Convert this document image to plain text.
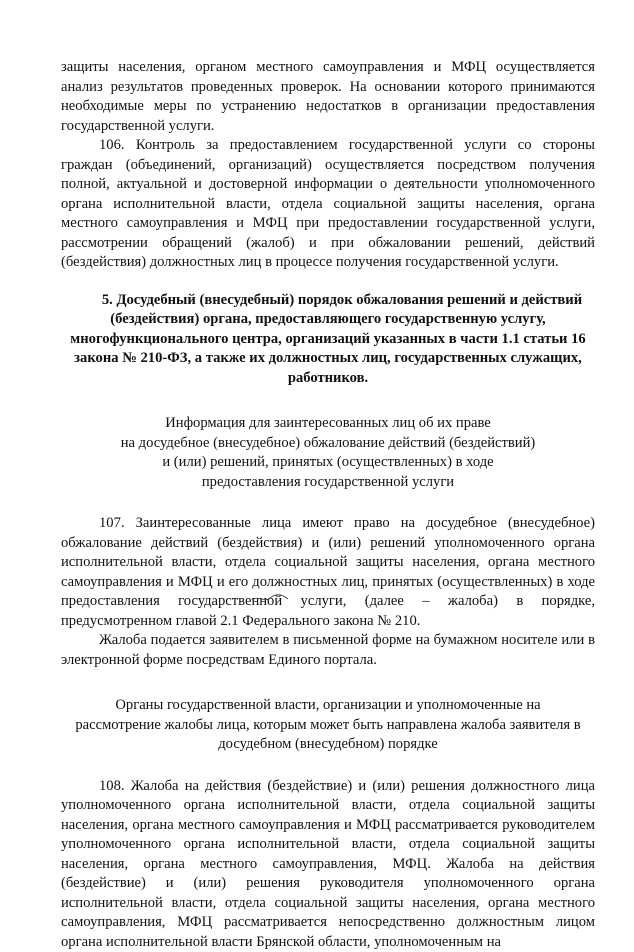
защиты населения, органом местного самоуправления и МФЦ осуществляется анализ результатов проведенных проверок. На основании которого принимаются необходимые меры по устранению недостатков в организации предоставления государственной услуги.

106. Контроль за предоставлением государственной услуги со стороны граждан (объединений, организаций) осуществляется посредством получения полной, актуальной и достоверной информации о деятельности уполномоченного органа исполнительной власти, отдела социальной защиты населения, органа местного самоуправления и МФЦ при предоставлении государственной услуги, рассмотрении обращений (жалоб) и при обжаловании решений, действий (бездействия) должностных лиц в процессе получения государственной услуги.

5. Досудебный (внесудебный) порядок обжалования решений и действий (бездействия) органа, предоставляющего государственную услугу, многофункционального центра, организаций указанных в части 1.1 статьи 16 закона № 210-ФЗ, а также их должностных лиц, государственных служащих, работников.

Информация для заинтересованных лиц об их праве
на досудебное (внесудебное) обжалование действий (бездействий)
и (или) решений, принятых (осуществленных) в ходе
предоставления государственной услуги

107. Заинтересованные лица имеют право на досудебное (внесудебное) обжалование действий (бездействия) и (или) решений уполномоченного органа исполнительной власти, отдела социальной защиты населения, органа местного самоуправления и МФЦ и его должностных лиц, принятых (осуществленных) в ходе предоставления государственной услуги, (далее – жалоба) в порядке, предусмотренном главой 2.1 Федерального закона № 210.

Жалоба подается заявителем в письменной форме на бумажном носителе или в электронной форме посредствам Единого портала.

Органы государственной власти, организации и уполномоченные на
рассмотрение жалобы лица, которым может быть направлена жалоба заявителя в
досудебном (внесудебном) порядке

108. Жалоба на действия (бездействие) и (или) решения должностного лица уполномоченного органа исполнительной власти, отдела социальной защиты населения, органа местного самоуправления и МФЦ рассматривается руководителем уполномоченного органа исполнительной власти, отдела социальной защиты населения, органа местного самоуправления, МФЦ. Жалоба на действия (бездействие) и (или) решения руководителя уполномоченного органа исполнительной власти, отдела социальной защиты населения, органа местного самоуправления, МФЦ рассматривается непосредственно должностным лицом органа исполнительной власти Брянской области, уполномоченным на
